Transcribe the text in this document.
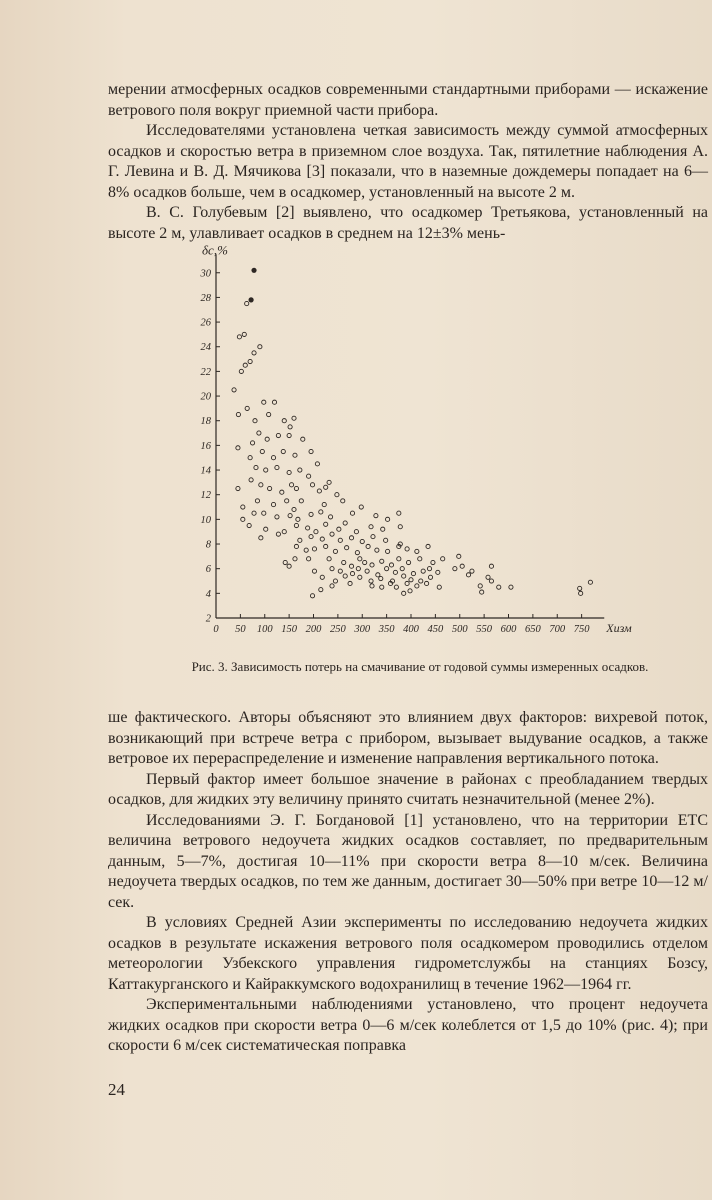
мерении атмосферных осадков современными стандартными приборами — искажение ветрового поля вокруг приемной части прибора.

Исследователями установлена четкая зависимость между суммой атмосферных осадков и скоростью ветра в приземном слое воздуха. Так, пятилетние наблюдения А. Г. Левина и В. Д. Мячикова [3] показали, что в наземные дождемеры попадает на 6—8% осадков больше, чем в осадкомер, установленный на высоте 2 м.

В. С. Голубевым [2] выявлено, что осадкомер Третьякова, установленный на высоте 2 м, улавливает осадков в среднем на 12±3% мень-

0 50 100 150 200 250 300 350 400 450 500 550 600 650 700 750
2
4
6
8
10
12
14
16
18
20
22
24
26
28
30
δс,%
Xизм
Рис. 3. Зависимость потерь на смачивание от годовой суммы измеренных осадков.

ше фактического. Авторы объясняют это влиянием двух факторов: вихревой поток, возникающий при встрече ветра с прибором, вызывает выдувание осадков, а также ветровое их перераспределение и изменение направления вертикального потока.

Первый фактор имеет большое значение в районах с преобладанием твердых осадков, для жидких эту величину принято считать незначительной (менее 2%).

Исследованиями Э. Г. Богдановой [1] установлено, что на территории ЕТС величина ветрового недоучета жидких осадков составляет, по предварительным данным, 5—7%, достигая 10—11% при скорости ветра 8—10 м/сек. Величина недоучета твердых осадков, по тем же данным, достигает 30—50% при ветре 10—12 м/сек.

В условиях Средней Азии эксперименты по исследованию недоучета жидких осадков в результате искажения ветрового поля осадкомером проводились отделом метеорологии Узбекского управления гидрометслужбы на станциях Бозсу, Каттакурганского и Кайраккумского водохранилищ в течение 1962—1964 гг.

Экспериментальными наблюдениями установлено, что процент недоучета жидких осадков при скорости ветра 0—6 м/сек колеблется от 1,5 до 10% (рис. 4); при скорости 6 м/сек систематическая поправка

24
